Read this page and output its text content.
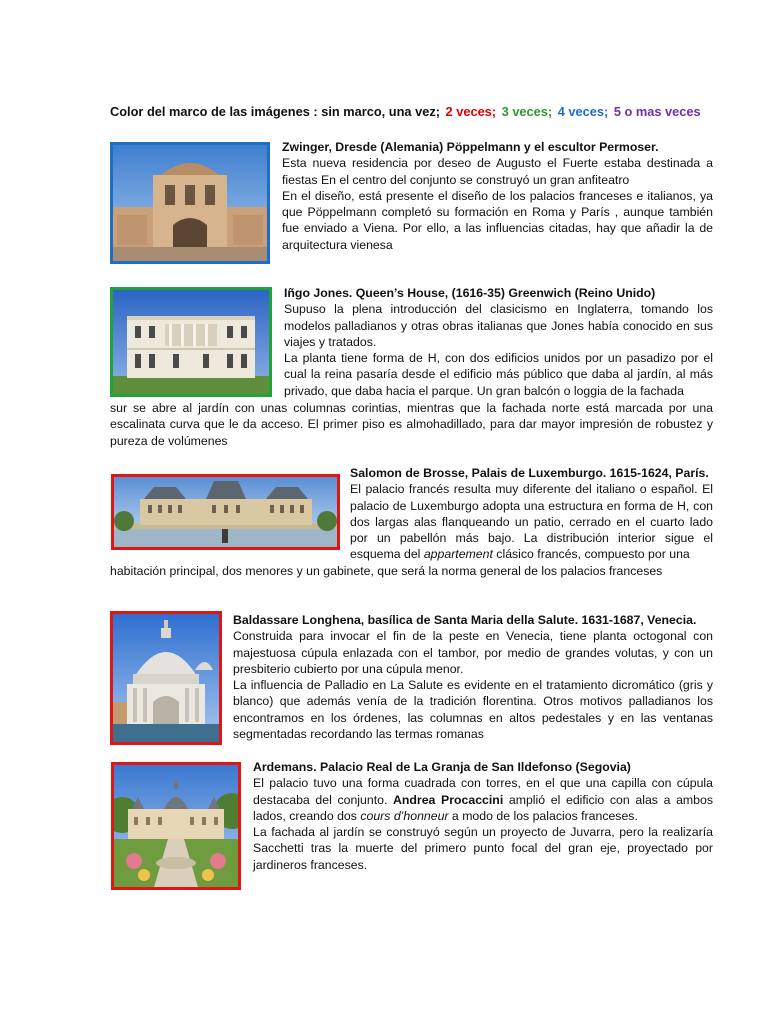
Color del marco de las imágenes : sin marco, una vez; 2 veces; 3 veces; 4 veces; 5 o mas veces

Zwinger, Dresde (Alemania) Pöppelmann y el escultor Permoser.

Esta nueva residencia por deseo de Augusto el Fuerte estaba destinada a fiestas En el centro del conjunto se construyó un gran anfiteatro

En el diseño, está presente el diseño de los palacios franceses e italianos, ya que Pöppelmann completó su formación en Roma y París , aunque también fue enviado a Viena. Por ello, a las influencias citadas, hay que añadir la de arquitectura vienesa

Iñgo Jones. Queen’s House, (1616-35) Greenwich (Reino Unido)

Supuso la plena introducción del clasicismo en Inglaterra, tomando los modelos palladianos y otras obras italianas que Jones había conocido en sus viajes y tratados.

La planta tiene forma de H, con dos edificios unidos por un pasadizo por el cual la reina pasaría desde el edificio más público que daba al jardín, al más privado, que daba hacia el parque. Un gran balcón o loggia de la fachada

sur se abre al jardín con unas columnas corintias, mientras que la fachada norte está marcada por una escalinata curva que le da acceso. El primer piso es almohadillado, para dar mayor impresión de robustez y pureza de volúmenes

Salomon de Brosse, Palais de Luxemburgo. 1615-1624, París.

El palacio francés resulta muy diferente del italiano o español. El palacio de Luxemburgo adopta una estructura en forma de H, con dos largas alas flanqueando un patio, cerrado en el cuarto lado por un pabellón más bajo. La distribución interior sigue el esquema del appartement clásico francés, compuesto por una

habitación principal, dos menores y un gabinete, que será la norma general de los palacios franceses

Baldassare Longhena, basílica de Santa Maria della Salute. 1631-1687, Venecia.

Construida para invocar el fin de la peste en Venecia, tiene planta octogonal con majestuosa cúpula enlazada con el tambor, por medio de grandes volutas, y con un presbiterio cubierto por una cúpula menor.

La influencia de Palladio en La Salute es evidente en el tratamiento dicromático (gris y blanco) que además venía de la tradición florentina. Otros motivos palladianos los encontramos en los órdenes, las columnas en altos pedestales y en las ventanas segmentadas recordando las termas romanas

Ardemans. Palacio Real de La Granja de San Ildefonso (Segovia)

El palacio tuvo una forma cuadrada con torres, en el que una capilla con cúpula destacaba del conjunto. Andrea Procaccini amplió el edificio con alas a ambos lados, creando dos cours d’honneur a modo de los palacios franceses.

La fachada al jardín se construyó según un proyecto de Juvarra, pero la realizaría Sacchetti tras la muerte del primero punto focal del gran eje, proyectado por jardineros franceses.
